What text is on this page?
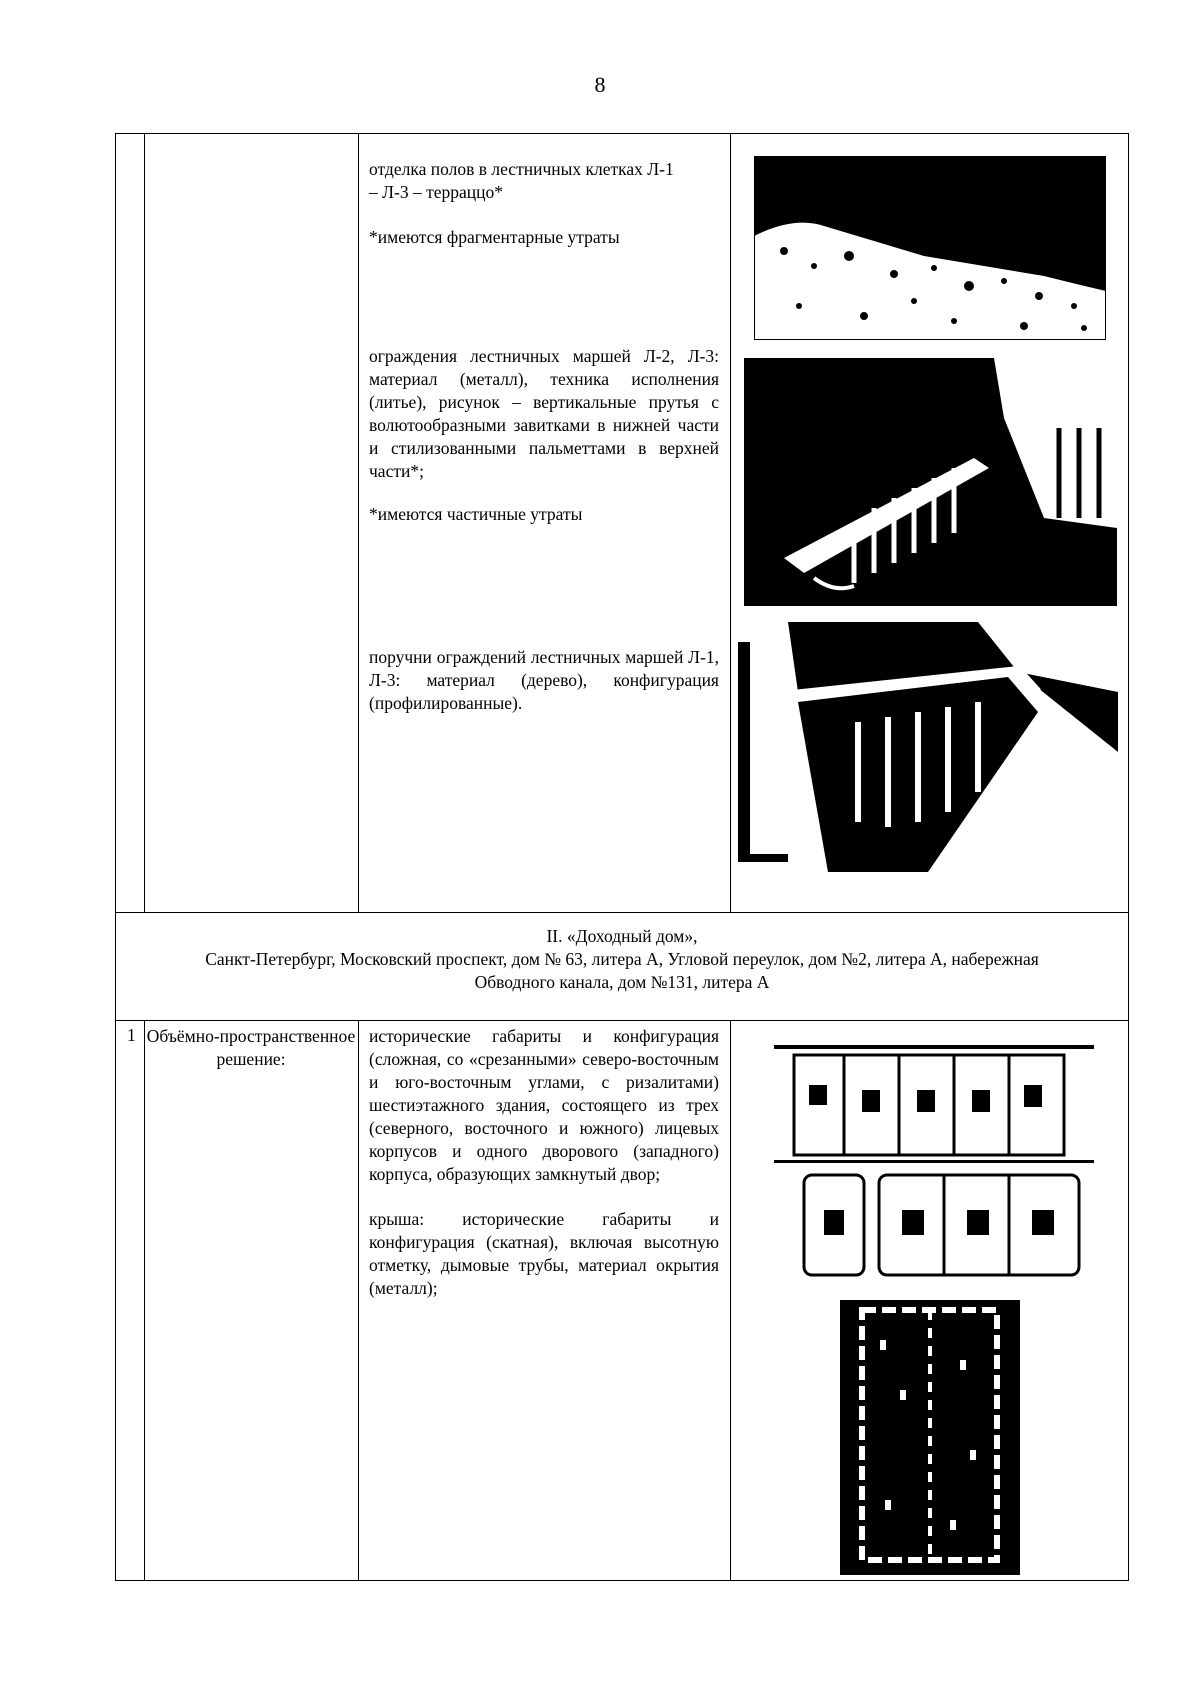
8
отделка полов в лестничных клетках Л-1
– Л-3 – терраццо*
*имеются фрагментарные утраты

ограждения лестничных маршей Л-2, Л-3: материал (металл), техника исполнения (литье), рисунок – вертикальные прутья с волютообразными завитками в нижней части и стилизованными пальметтами в верхней части*;

*имеются частичные утраты

поручни ограждений лестничных маршей Л-1, Л-3: материал (дерево), конфигурация (профилированные).

II. «Доходный дом»,
Санкт-Петербург, Московский проспект, дом № 63, литера А, Угловой переулок, дом №2, литера А, набережная
Обводного канала, дом №131, литера А
1 Объёмно-пространственное решение:

исторические габариты и конфигурация (сложная, со «срезанными» северо-восточным и юго-восточным углами, с ризалитами) шестиэтажного здания, состоящего из трех (северного, восточного и южного) лицевых корпусов и одного дворового (западного) корпуса, образующих замкнутый двор;

крыша: исторические габариты и конфигурация (скатная), включая высотную отметку, дымовые трубы, материал окрытия (металл);
